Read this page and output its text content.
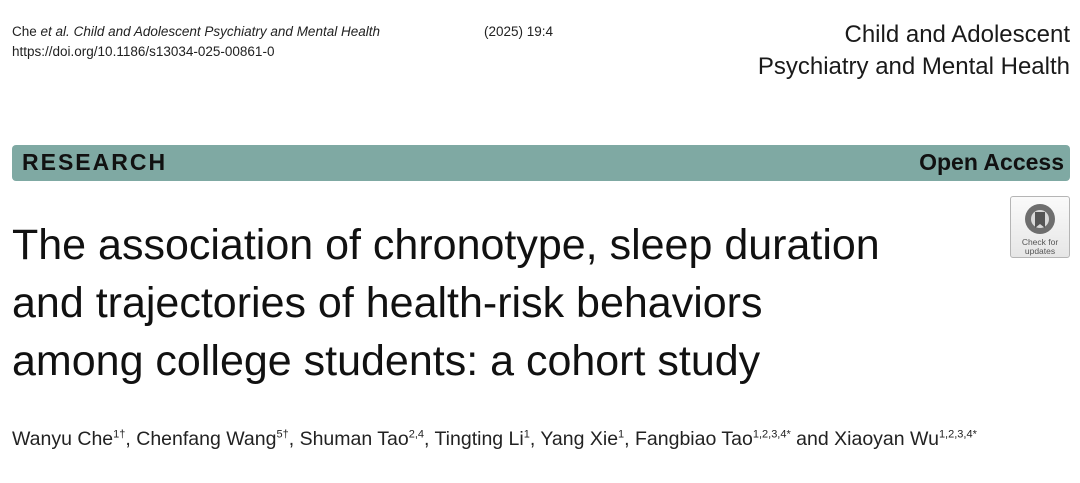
Che et al. Child and Adolescent Psychiatry and Mental Health	(2025) 19:4
https://doi.org/10.1186/s13034-025-00861-0
Child and Adolescent
Psychiatry and Mental Health
RESEARCH	Open Access
Check for
updates
The association of chronotype, sleep duration
and trajectories of health-risk behaviors
among college students: a cohort study
Wanyu Che$^{1\dagger}$, Chenfang Wang$^{5\dagger}$, Shuman Tao$^{2,4}$, Tingting Li$^1$, Yang Xie$^1$, Fangbiao Tao$^{1,2,3,4*}$ and Xiaoyan $Wu^{1,2,3,4*}$
